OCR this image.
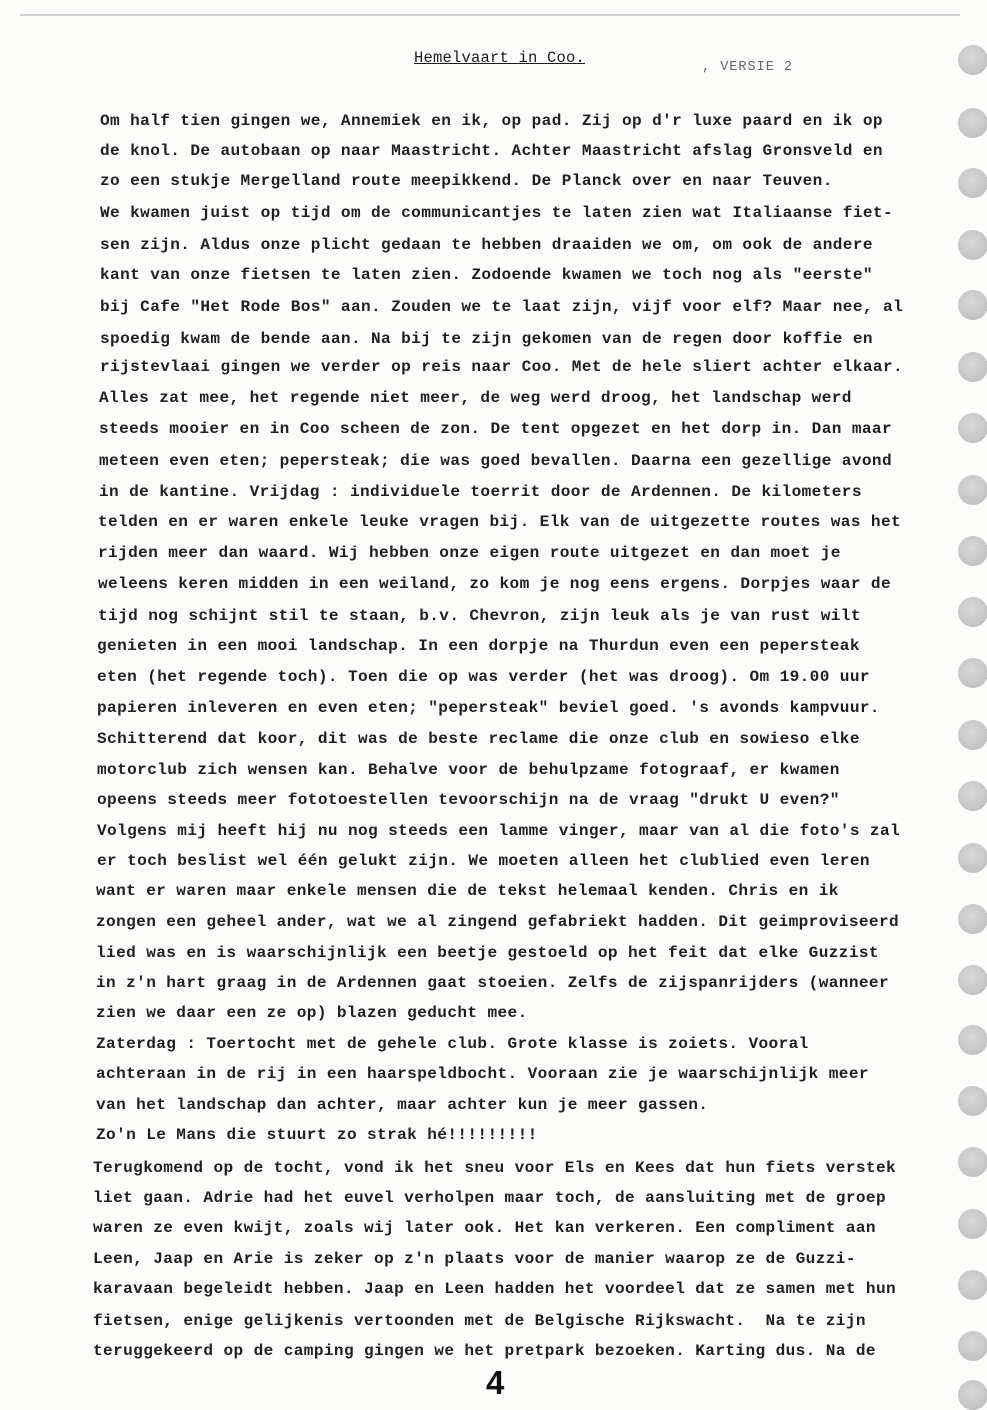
Hemelvaart in Coo.
, VERSIE 2
Om half tien gingen we, Annemiek en ik, op pad. Zij op d'r luxe paard en ik op
de knol. De autobaan op naar Maastricht. Achter Maastricht afslag Gronsveld en
zo een stukje Mergelland route meepikkend. De Planck over en naar Teuven.
We kwamen juist op tijd om de communicantjes te laten zien wat Italiaanse fiet-
sen zijn. Aldus onze plicht gedaan te hebben draaiden we om, om ook de andere
kant van onze fietsen te laten zien. Zodoende kwamen we toch nog als "eerste"
bij Cafe "Het Rode Bos" aan. Zouden we te laat zijn, vijf voor elf? Maar nee, al
spoedig kwam de bende aan. Na bij te zijn gekomen van de regen door koffie en
rijstevlaai gingen we verder op reis naar Coo. Met de hele sliert achter elkaar.
Alles zat mee, het regende niet meer, de weg werd droog, het landschap werd
steeds mooier en in Coo scheen de zon. De tent opgezet en het dorp in. Dan maar
meteen even eten; pepersteak; die was goed bevallen. Daarna een gezellige avond
in de kantine. Vrijdag : individuele toerrit door de Ardennen. De kilometers
telden en er waren enkele leuke vragen bij. Elk van de uitgezette routes was het
rijden meer dan waard. Wij hebben onze eigen route uitgezet en dan moet je
weleens keren midden in een weiland, zo kom je nog eens ergens. Dorpjes waar de
tijd nog schijnt stil te staan, b.v. Chevron, zijn leuk als je van rust wilt
genieten in een mooi landschap. In een dorpje na Thurdun even een pepersteak
eten (het regende toch). Toen die op was verder (het was droog). Om 19.00 uur
papieren inleveren en even eten; "pepersteak" beviel goed. 's avonds kampvuur.
Schitterend dat koor, dit was de beste reclame die onze club en sowieso elke
motorclub zich wensen kan. Behalve voor de behulpzame fotograaf, er kwamen
opeens steeds meer fototoestellen tevoorschijn na de vraag "drukt U even?"
Volgens mij heeft hij nu nog steeds een lamme vinger, maar van al die foto's zal
er toch beslist wel één gelukt zijn. We moeten alleen het clublied even leren
want er waren maar enkele mensen die de tekst helemaal kenden. Chris en ik
zongen een geheel ander, wat we al zingend gefabriekt hadden. Dit geimproviseerd
lied was en is waarschijnlijk een beetje gestoeld op het feit dat elke Guzzist
in z'n hart graag in de Ardennen gaat stoeien. Zelfs de zijspanrijders (wanneer
zien we daar een ze op) blazen geducht mee.
Zaterdag : Toertocht met de gehele club. Grote klasse is zoiets. Vooral
achteraan in de rij in een haarspeldbocht. Vooraan zie je waarschijnlijk meer
van het landschap dan achter, maar achter kun je meer gassen.
Zo'n Le Mans die stuurt zo strak hé!!!!!!!!!
Terugkomend op de tocht, vond ik het sneu voor Els en Kees dat hun fiets verstek
liet gaan. Adrie had het euvel verholpen maar toch, de aansluiting met de groep
waren ze even kwijt, zoals wij later ook. Het kan verkeren. Een compliment aan
Leen, Jaap en Arie is zeker op z'n plaats voor de manier waarop ze de Guzzi-
karavaan begeleidt hebben. Jaap en Leen hadden het voordeel dat ze samen met hun
fietsen, enige gelijkenis vertoonden met de Belgische Rijkswacht.  Na te zijn
teruggekeerd op de camping gingen we het pretpark bezoeken. Karting dus. Na de
4
